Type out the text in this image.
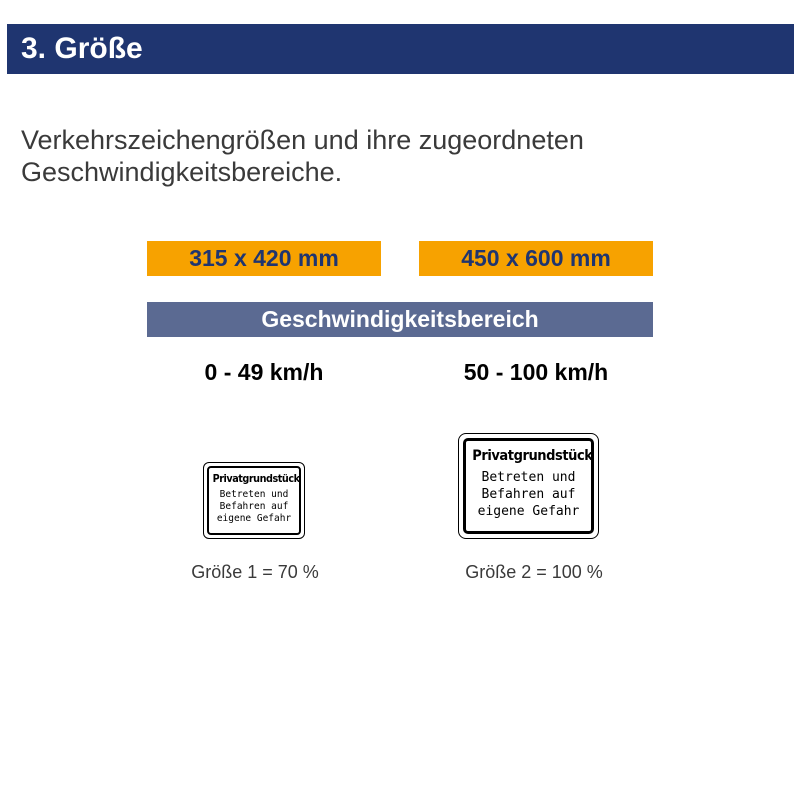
3. Größe
Verkehrszeichengrößen und ihre zugeordneten
Geschwindigkeitsbereiche.
315 x 420 mm	450 x 600 mm
Geschwindigkeitsbereich
0 - 49 km/h	50 - 100 km/h
Privatgrundstück
Betreten und
Befahren auf
eigene Gefahr
Privatgrundstück
Betreten und
Befahren auf
eigene Gefahr
Größe 1 = 70 %	Größe 2 = 100 %
